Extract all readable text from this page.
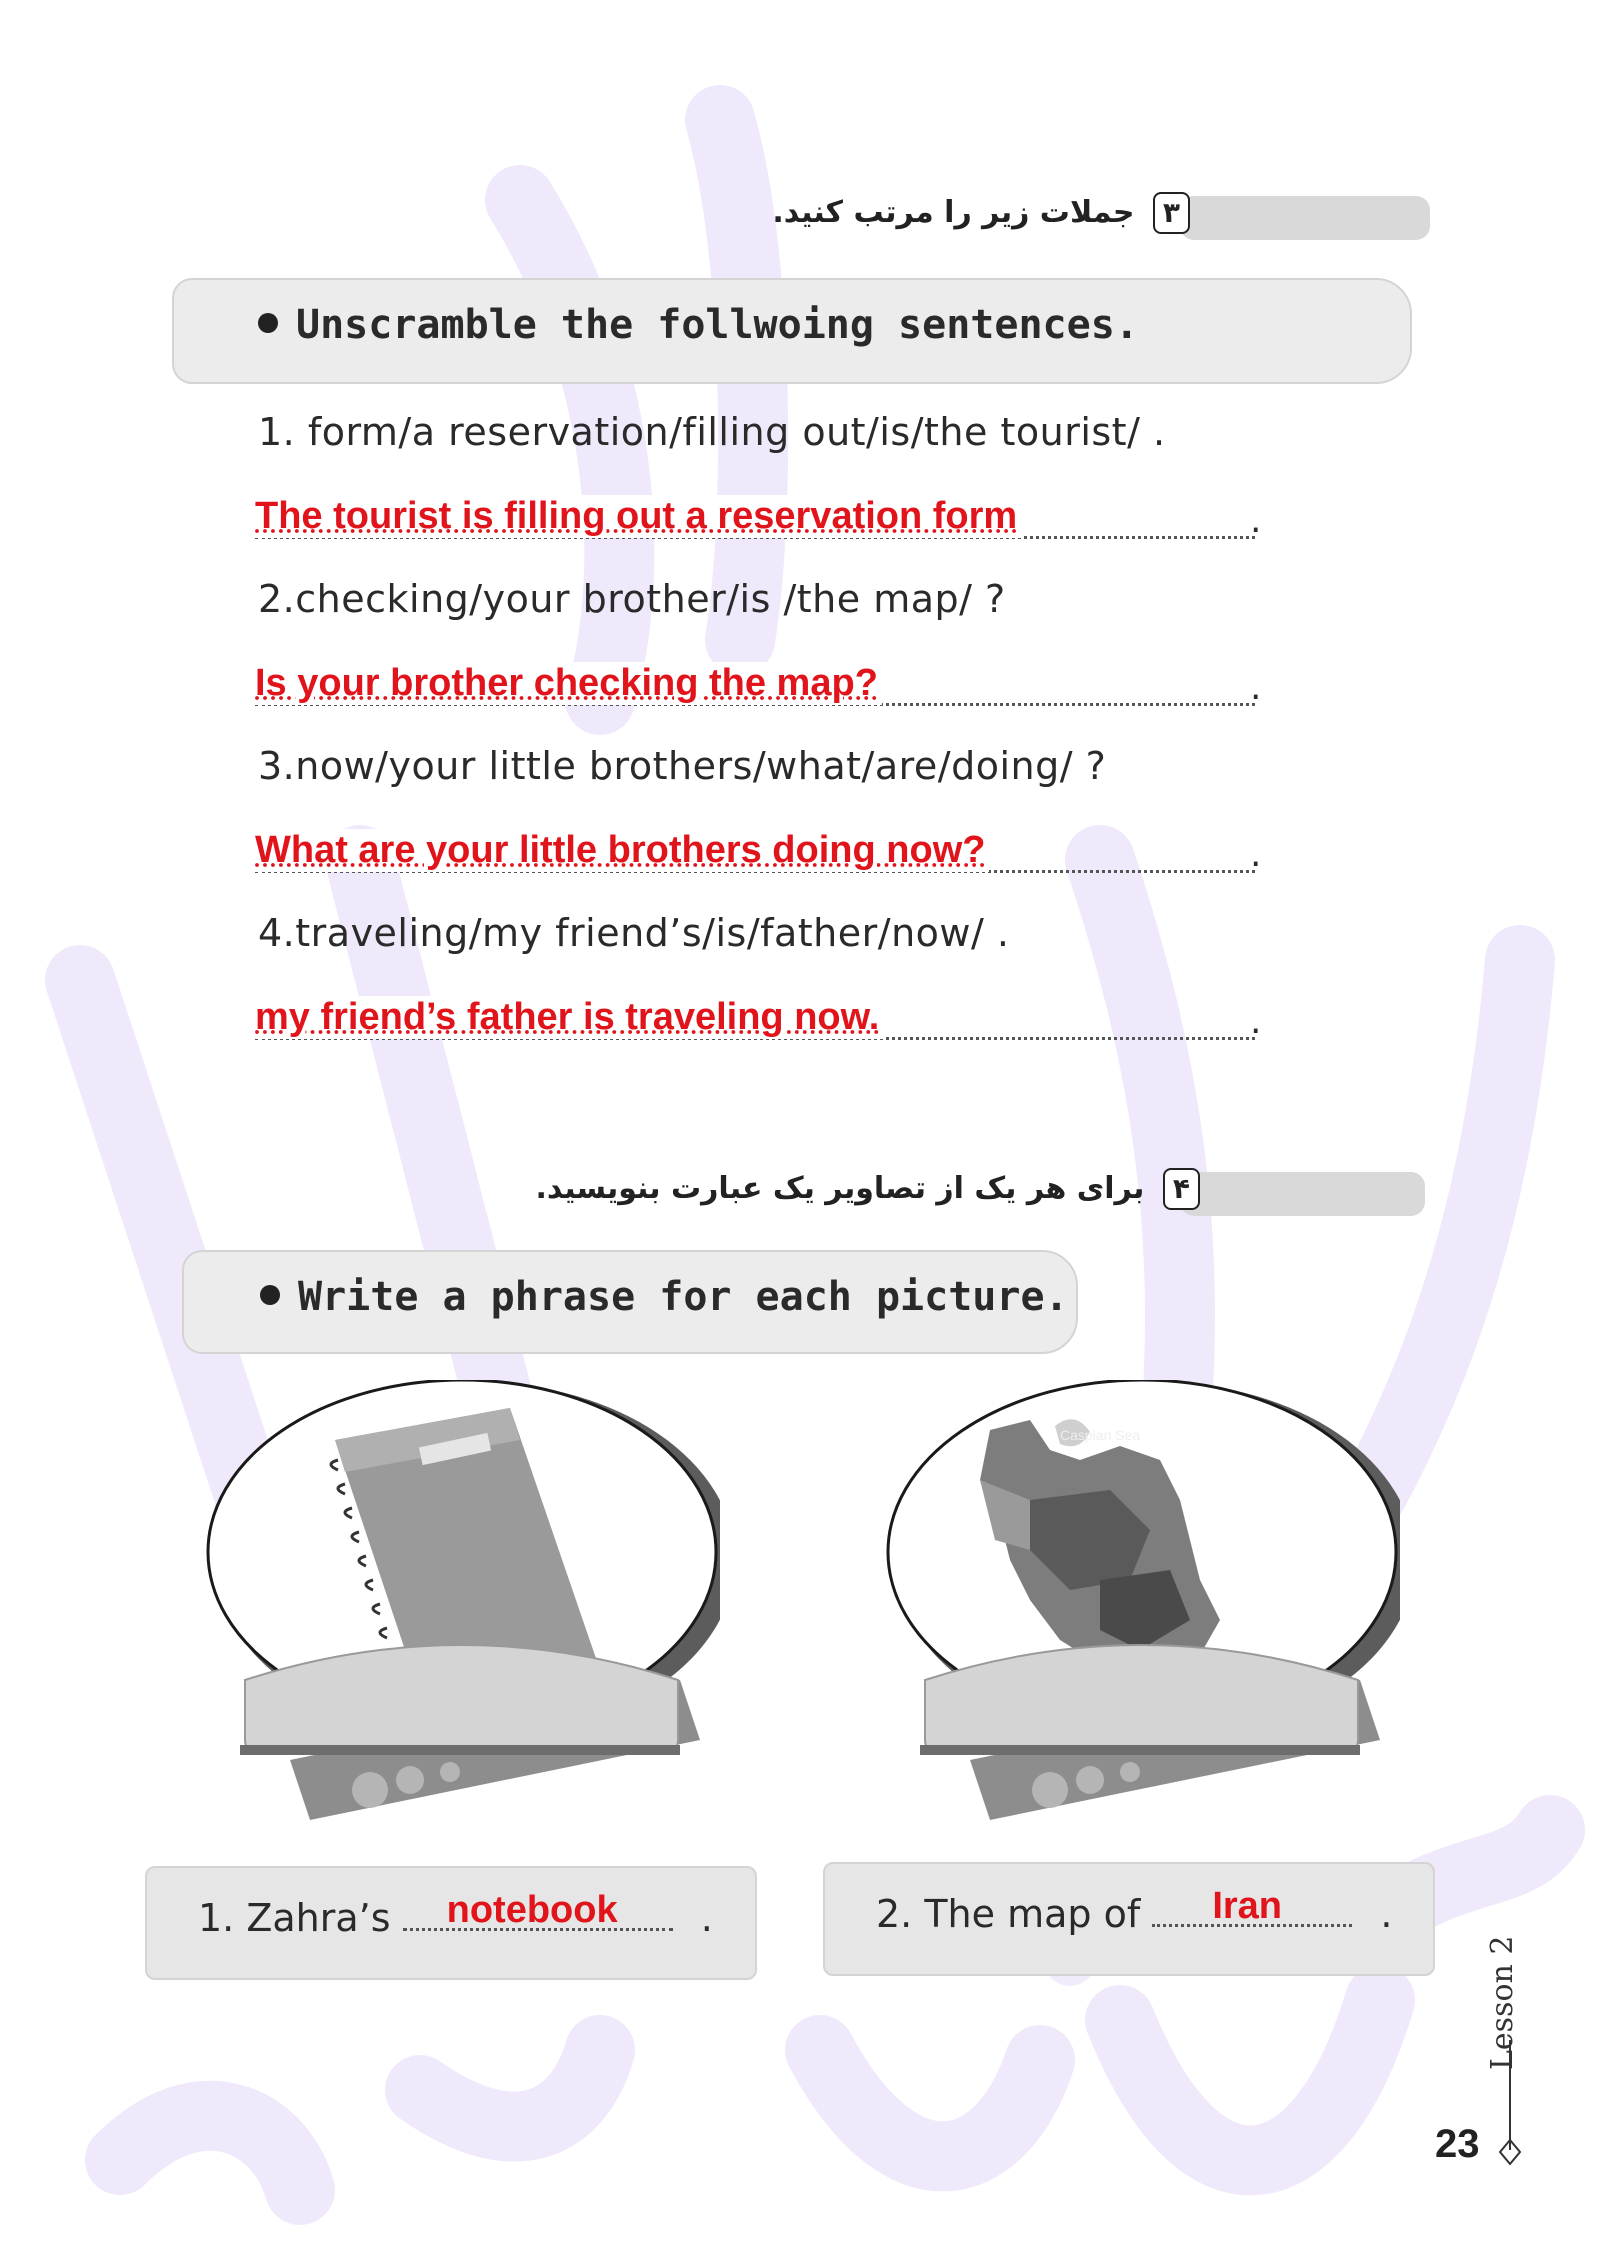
۳ جملات زیر را مرتب کنید.
Unscramble the follwoing sentences.
1. form/a reservation/filling out/is/the tourist/ .
The tourist is filling out a reservation form	.
2.checking/your brother/is /the map/ ?
Is your brother checking the map?	.
3.now/your little brothers/what/are/doing/ ?
What are your little brothers doing now?	.
4.traveling/my friend’s/is/father/now/ .
my friend’s father is traveling now.	.
۴ برای هر یک از تصاویر یک عبارت بنویسید.
Write a phrase for each picture.
Caspian Sea
1. Zahra’s notebook .	2. The map of Iran	.
Lesson 2
23
